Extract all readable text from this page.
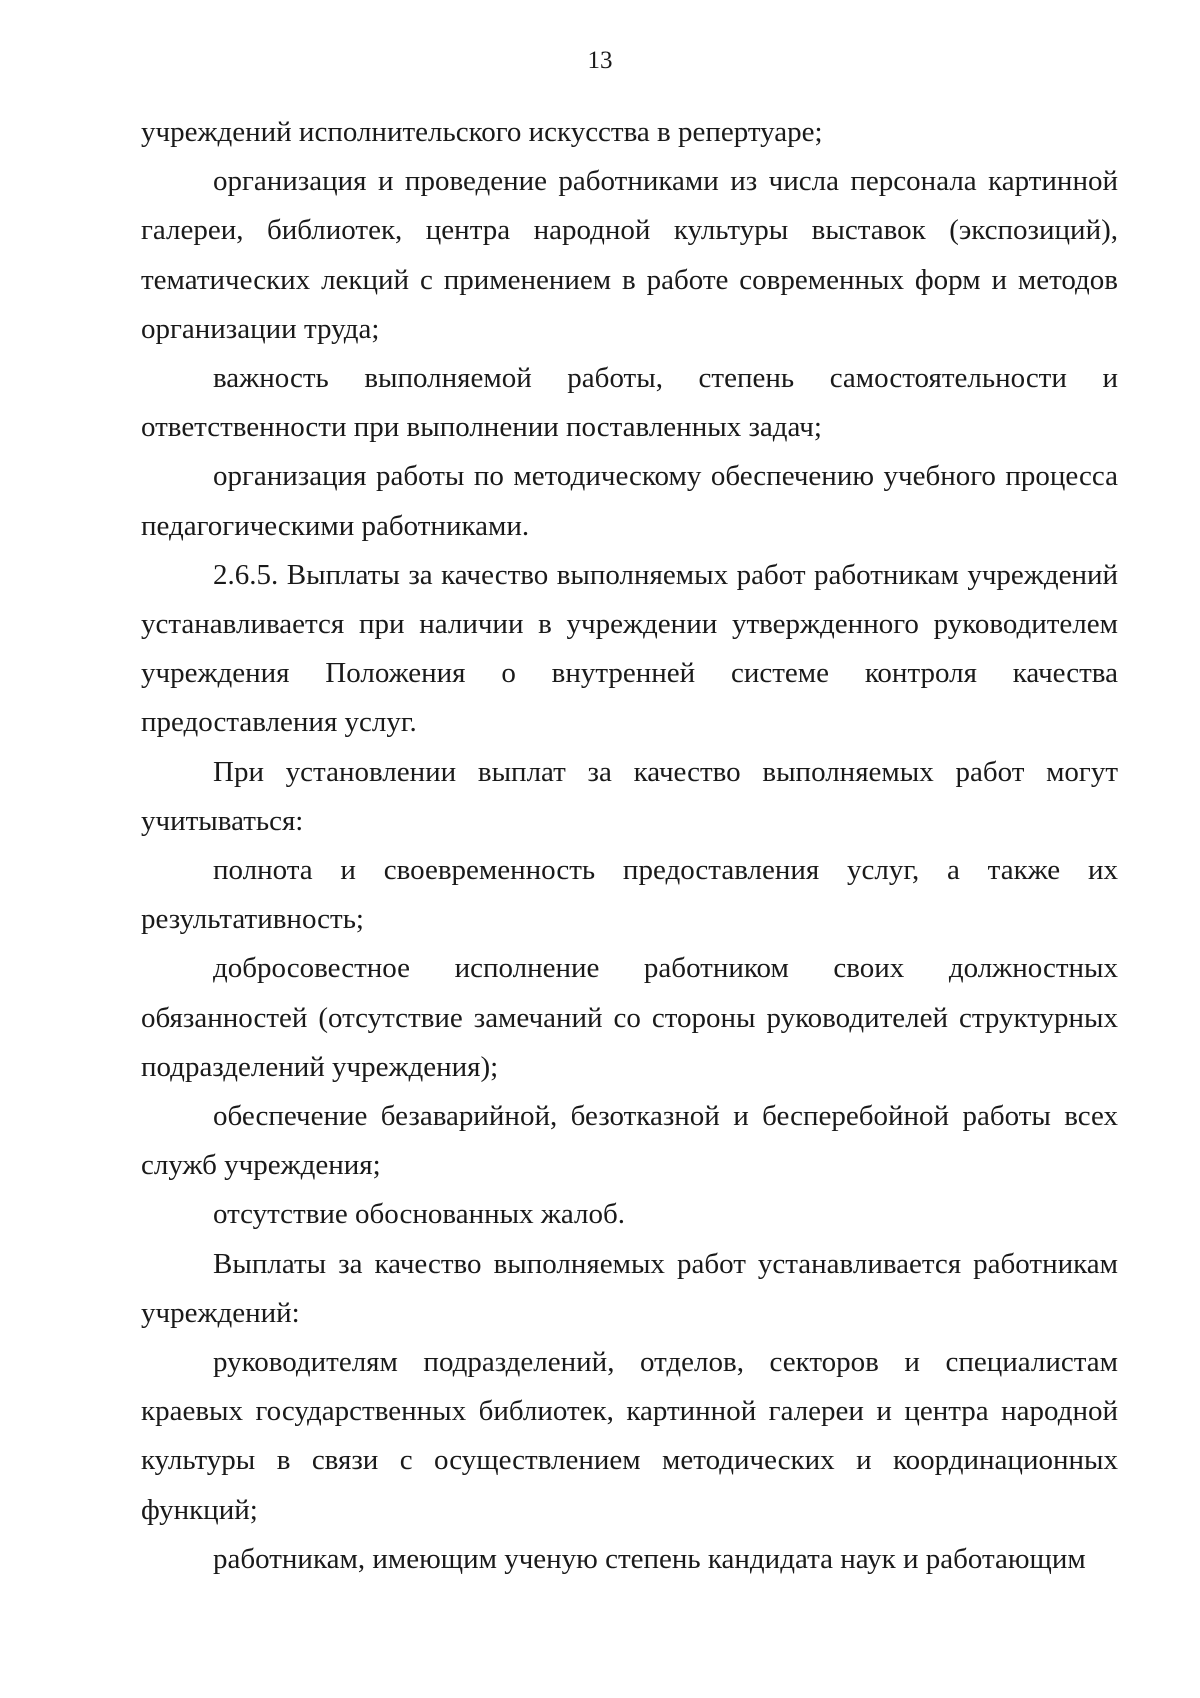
13

учреждений исполнительского искусства в репертуаре;

организация и проведение работниками из числа персонала картинной галереи, библиотек, центра народной культуры выставок (экспозиций), тематических лекций с применением в работе современных форм и методов организации труда;

важность выполняемой работы, степень самостоятельности и ответственности при выполнении поставленных задач;

организация работы по методическому обеспечению учебного процесса педагогическими работниками.

2.6.5. Выплаты за качество выполняемых работ работникам учреждений устанавливается при наличии в учреждении утвержденного руководителем учреждения Положения о внутренней системе контроля качества предоставления услуг.

При установлении выплат за качество выполняемых работ могут учитываться:

полнота и своевременность предоставления услуг, а также их результативность;

добросовестное исполнение работником своих должностных обязанностей (отсутствие замечаний со стороны руководителей структурных подразделений учреждения);

обеспечение безаварийной, безотказной и бесперебойной работы всех служб учреждения;

отсутствие обоснованных жалоб.

Выплаты за качество выполняемых работ устанавливается работникам учреждений:

руководителям подразделений, отделов, секторов и специалистам краевых государственных библиотек, картинной галереи и центра народной культуры в связи с осуществлением методических и координационных функций;

работникам, имеющим ученую степень кандидата наук и работающим
